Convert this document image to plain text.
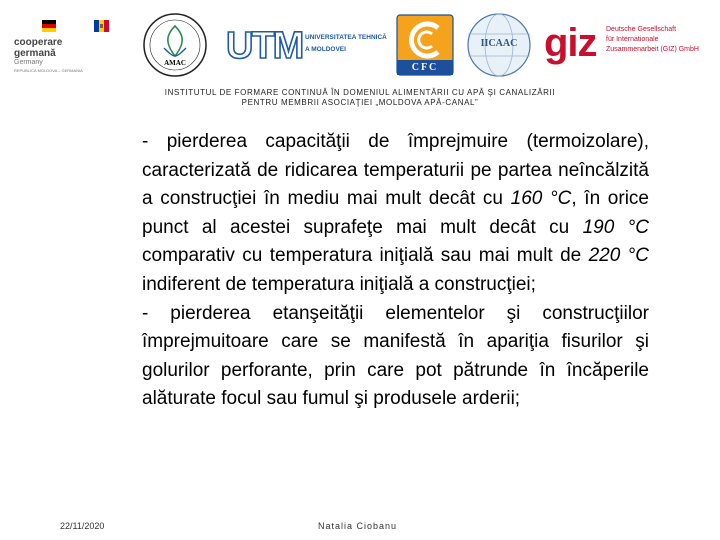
cooperare
germană
Germany
REPUBLICA MOLDOVA – GERMANIA
AMAC	UTM UNIVERSITATEA TEHNICĂ
A MOLDOVEI
CFC
IICAAC giz Deutsche Gesellschaft
für Internationale
Zusammenarbeit (GIZ) GmbH
INSTITUTUL DE FORMARE CONTINUĂ ÎN DOMENIUL ALIMENTĂRII CU APĂ ŞI CANALIZĂRII
PENTRU MEMBRII ASOCIAŢIEI „MOLDOVA APĂ-CANAL”

- pierderea capacităţii de împrejmuire (termoizolare), caracterizată de ridicarea temperaturii pe partea neîncălzită a construcţiei în mediu mai mult decât cu 160 °C, în orice punct al acestei suprafeţe mai mult decât cu 190 °C comparativ cu temperatura iniţială sau mai mult de 220 °C indiferent de temperatura iniţială a construcţiei;

- pierderea etanşeităţii elementelor şi construcţiilor împrejmuitoare care se manifestă în apariţia fisurilor şi golurilor perforante, prin care pot pătrunde în încăperile alăturate focul sau fumul şi produsele arderii;

22/11/2020	Natalia Ciobanu
